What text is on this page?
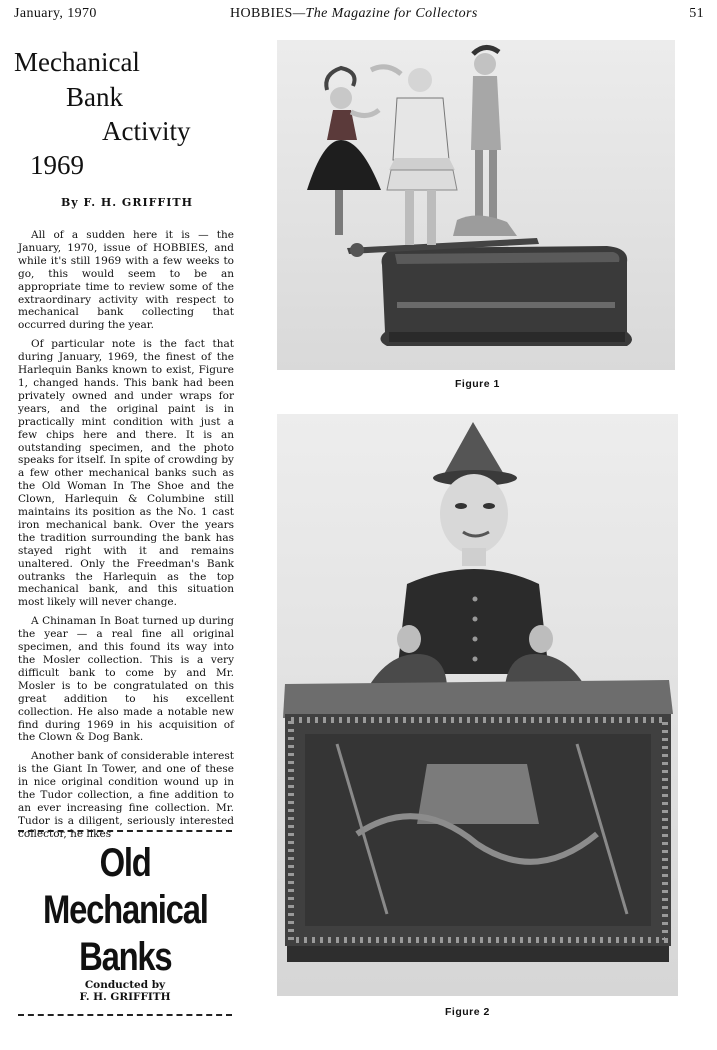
January, 1970	HOBBIES—The Magazine for Collectors	51
Mechanical
Bank
Activity
1969
By F. H. GRIFFITH

All of a sudden here it is — the January, 1970, issue of HOBBIES, and while it's still 1969 with a few weeks to go, this would seem to be an appropriate time to review some of the extraordinary activity with respect to mechanical bank collecting that occurred during the year.

Of particular note is the fact that during January, 1969, the finest of the Harlequin Banks known to exist, Figure 1, changed hands. This bank had been privately owned and under wraps for years, and the original paint is in practically mint condition with just a few chips here and there. It is an outstanding specimen, and the photo speaks for itself. In spite of crowding by a few other mechanical banks such as the Old Woman In The Shoe and the Clown, Harlequin & Columbine still maintains its position as the No. 1 cast iron mechanical bank. Over the years the tradition surrounding the bank has stayed right with it and remains unaltered. Only the Freedman's Bank outranks the Harlequin as the top mechanical bank, and this situation most likely will never change.

A Chinaman In Boat turned up during the year — a real fine all original specimen, and this found its way into the Mosler collection. This is a very difficult bank to come by and Mr. Mosler is to be congratulated on this great addition to his excellent collection. He also made a notable new find during 1969 in his acquisition of the Clown & Dog Bank.

Another bank of considerable interest is the Giant In Tower, and one of these in nice original condition wound up in the Tudor collection, a fine addition to an ever increasing fine collection. Mr. Tudor is a diligent, seriously interested collector, he likes

Old
Mechanical
Banks
Conducted by
F. H. GRIFFITH
Figure 1
Figure 2
